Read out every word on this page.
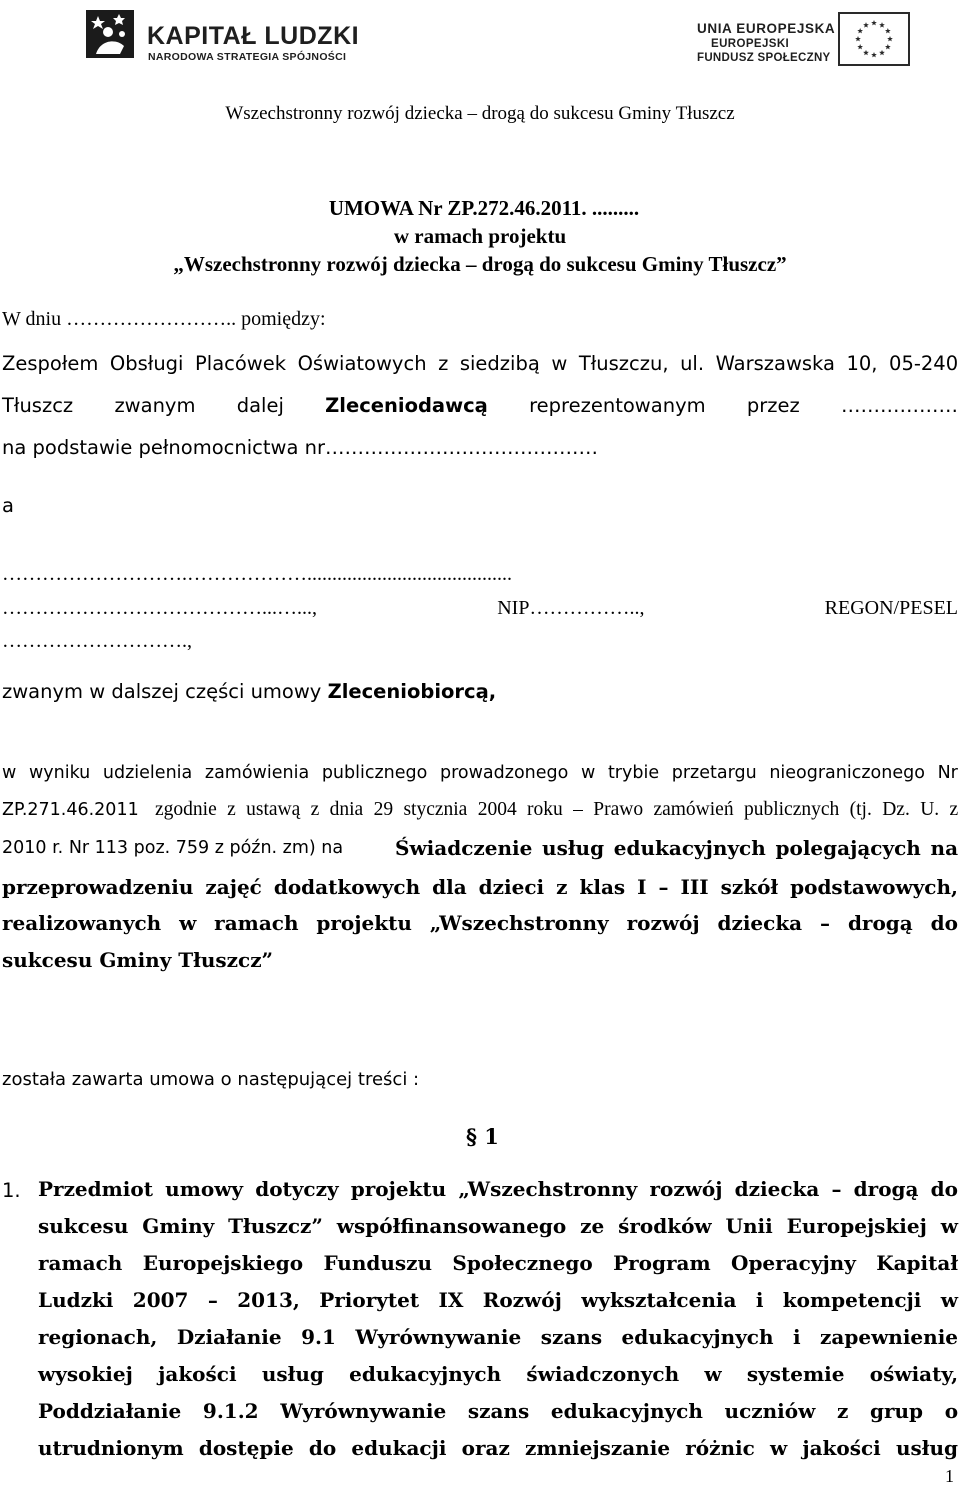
KAPITAŁ LUDZKI
NARODOWA STRATEGIA SPÓJNOŚCI
UNIA EUROPEJSKA
EUROPEJSKI
FUNDUSZ SPOŁECZNY
Wszechstronny rozwój dziecka – drogą do sukcesu Gminy Tłuszcz
UMOWA Nr ZP.272.46.2011. .........
w ramach projektu
„Wszechstronny rozwój dziecka – drogą do sukcesu Gminy Tłuszcz”
W dniu …………………….. pomiędzy:
Zespołem Obsługi Placówek Oświatowych z siedzibą w Tłuszczu, ul. Warszawska 10, 05-240
Tłuszcz zwanym dalej Zleceniodawcą reprezentowanym przez ………………
na podstawie pełnomocnictwa nr……………………………………
a
……………………….……………….........................................
…………………………………...…...,	NIP……………..,	REGON/PESEL
……………………….,
zwanym w dalszej części umowy Zleceniobiorcą,
w wyniku udzielenia zamówienia publicznego prowadzonego w trybie przetargu nieograniczonego Nr
ZP.271.46.2011 zgodnie z ustawą z dnia 29 stycznia 2004 roku – Prawo zamówień publicznych (tj. Dz. U. z
2010 r. Nr 113 poz. 759 z późn. zm) na	Świadczenie usług edukacyjnych polegających na
przeprowadzeniu zajęć dodatkowych dla dzieci z klas I – III szkół podstawowych,
realizowanych w ramach projektu „Wszechstronny rozwój dziecka – drogą do
sukcesu Gminy Tłuszcz”
została zawarta umowa o następującej treści :
§ 1
1. Przedmiot umowy dotyczy projektu „Wszechstronny rozwój dziecka – drogą do
sukcesu Gminy Tłuszcz” współfinansowanego ze środków Unii Europejskiej w
ramach Europejskiego Funduszu Społecznego Program Operacyjny Kapitał
Ludzki 2007 – 2013, Priorytet IX Rozwój wykształcenia i kompetencji w
regionach, Działanie 9.1 Wyrównywanie szans edukacyjnych i zapewnienie
wysokiej jakości usług edukacyjnych świadczonych w systemie oświaty,
Poddziałanie 9.1.2 Wyrównywanie szans edukacyjnych uczniów z grup o
utrudnionym dostępie do edukacji oraz zmniejszanie różnic w jakości usług
1
